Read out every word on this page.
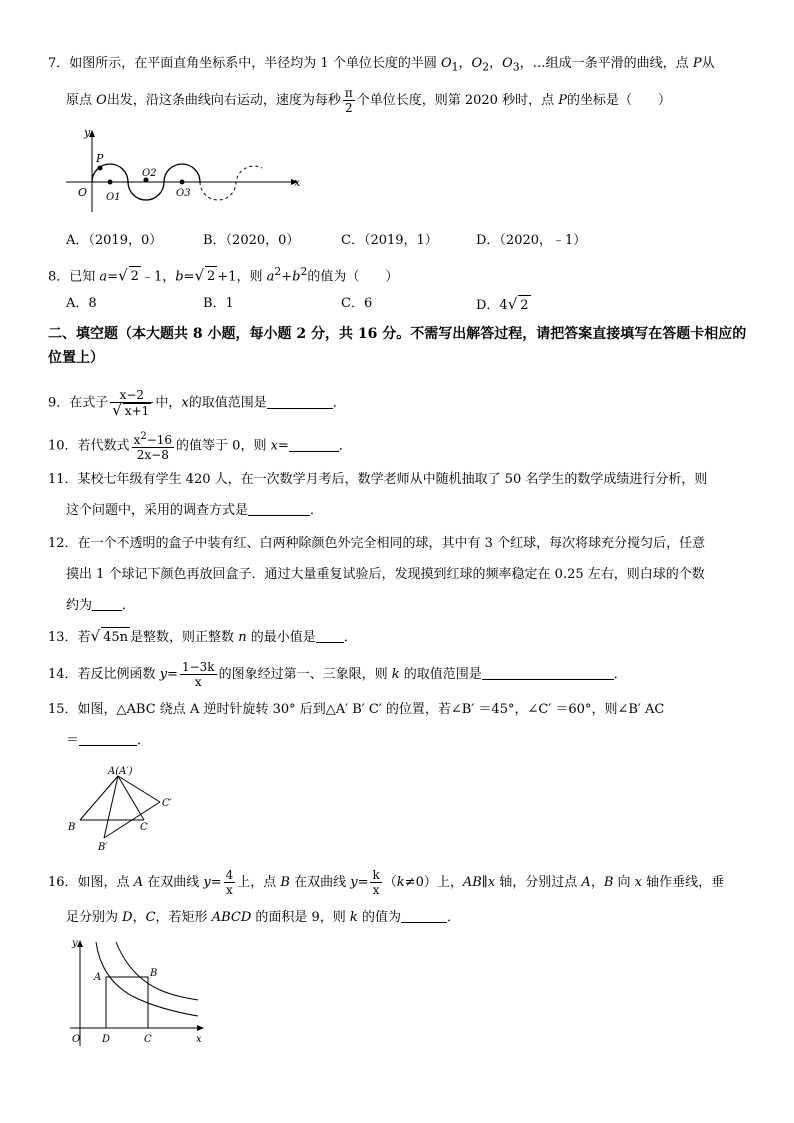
7．如图所示，在平面直角坐标系中，半径均为 1 个单位长度的半圆 $O_1$，$O_2$，$O_3$，…组成一条平滑的曲线，点 P从
原点 O出发，沿这条曲线向右运动，速度为每秒 $\frac{\pi}{2}$ 个单位长度，则第 2020 秒时，点 P的坐标是（　　）
y
x
O
P
O1
O2
O3
A．（2019，0）	B．（2020，0）	C．（2019，1）	D．（2020，﹣1）
8．已知 a=√ 2 ﹣1，b=√ 2 +1，则 $a^2+b^2$的值为（　　）
A．8	B．1	C．6	D．4√ 2
二、填空题（本大题共 8 小题，每小题 2 分，共 16 分。不需写出解答过程，请把答案直接填写在答题卡相应的位置上）
9．在式子 $\frac{x-2}{√ x+1}$ 中，x的取值范围是	．
10．若代数式 $\frac{x^2-16}{2x-8}$ 的值等于 0，则 x=	．
11．某校七年级有学生 420 人，在一次数学月考后，数学老师从中随机抽取了 50 名学生的数学成绩进行分析，则
这个问题中，采用的调查方式是	．
12．在一个不透明的盒子中装有红、白两种除颜色外完全相同的球，其中有 3 个红球，每次将球充分搅匀后，任意
摸出 1 个球记下颜色再放回盒子．通过大量重复试验后，发现摸到红球的频率稳定在 0.25 左右，则白球的个数
约为 ．
13．若√ 45n 是整数，则正整数 n 的最小值是 ．
14．若反比例函数 $y= \frac{1-3k}{x}$ 的图象经过第一、三象限，则 k 的取值范围是	．
15．如图，△ABC 绕点 A 逆时针旋转 30° 后到△A′ B′ C′ 的位置，若∠B′ ＝45°，∠C′ ＝60°，则∠B′ AC
＝	．
A(A′)
B	C
B′
C′
16．如图，点 A 在双曲线 $y= \frac{4}{x}$ 上，点 B 在双曲线 $y= \frac{k}{x} (k\ne 0)$上，AB∥x 轴，分别过点 A，B 向 x 轴作垂线，垂
足分别为 D，C，若矩形 ABCD 的面积是 9，则 k 的值为	．
A	B
D	C
O
y
x
